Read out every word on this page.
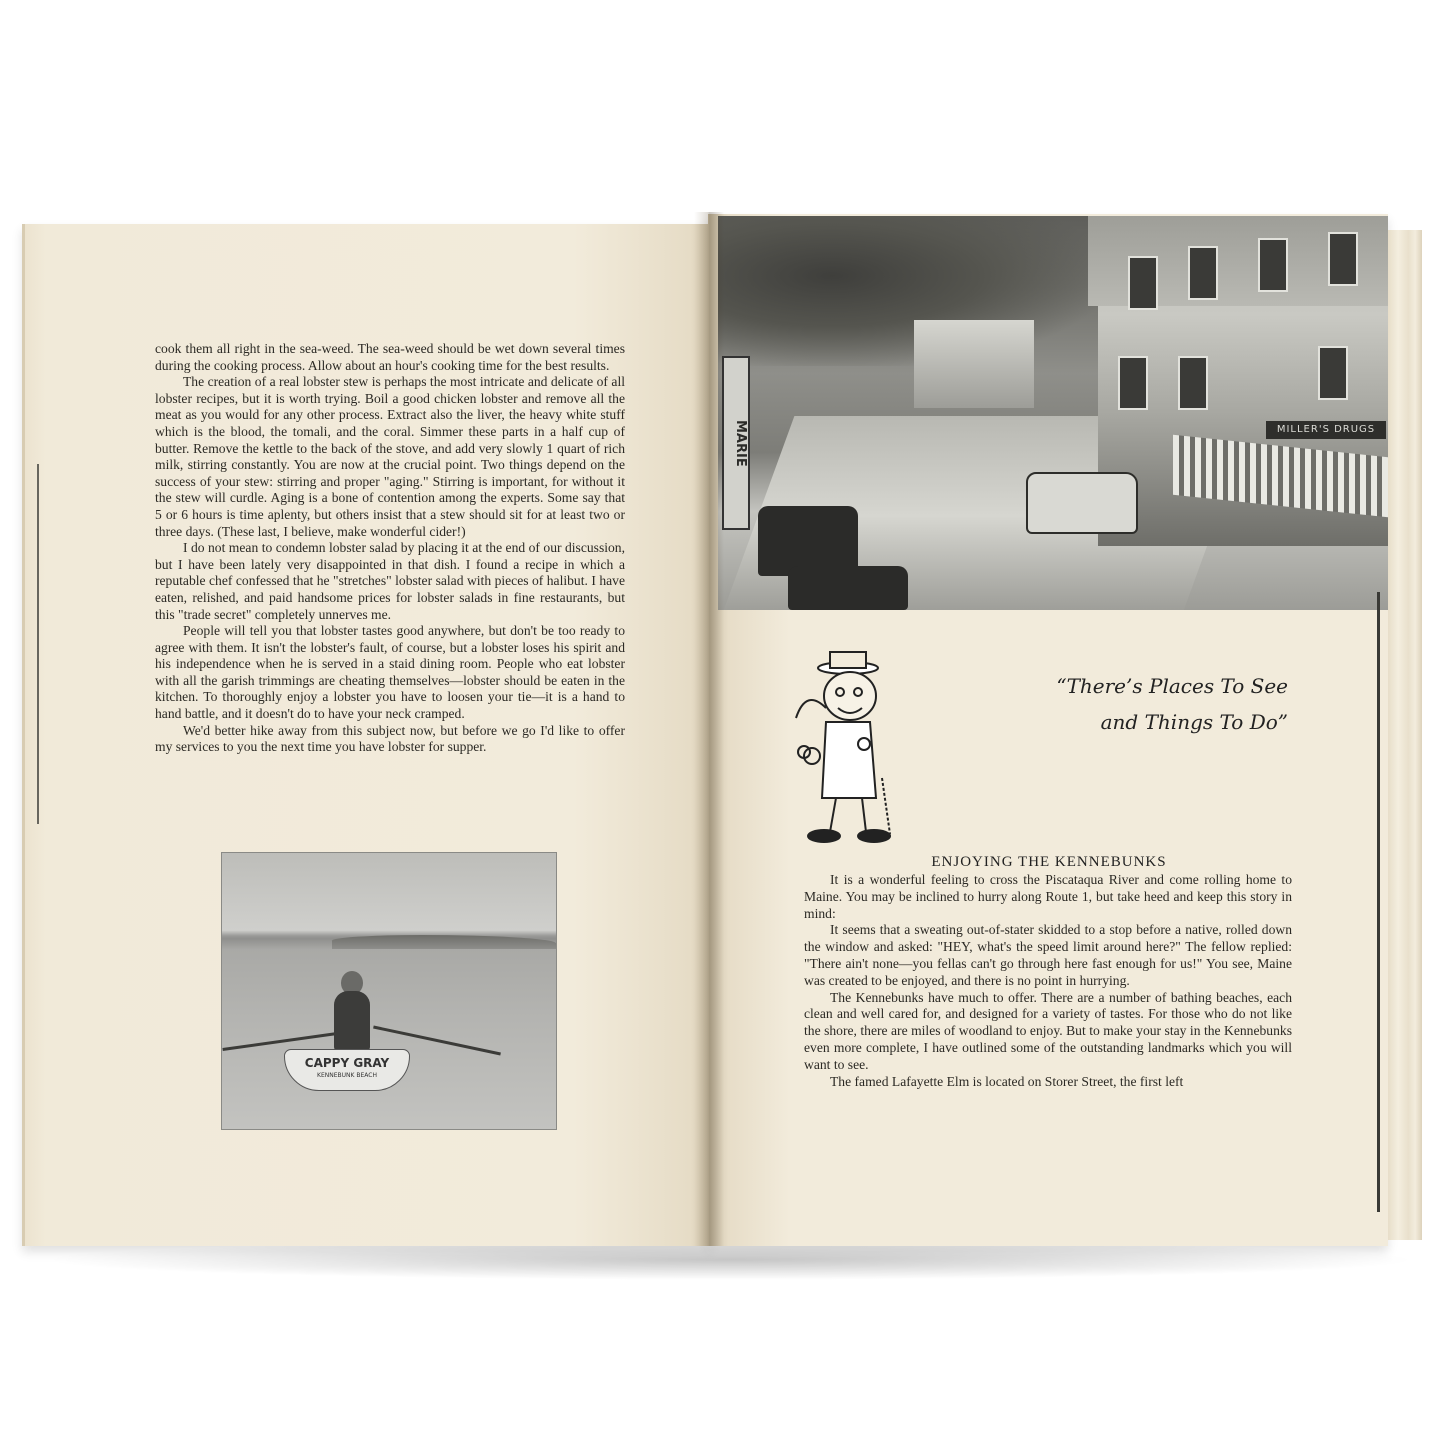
cook them all right in the sea-weed. The sea-weed should be wet down several times during the cooking process. Allow about an hour's cooking time for the best results.

The creation of a real lobster stew is perhaps the most intricate and delicate of all lobster recipes, but it is worth trying. Boil a good chicken lobster and remove all the meat as you would for any other process. Extract also the liver, the heavy white stuff which is the blood, the tomali, and the coral. Simmer these parts in a half cup of butter. Remove the kettle to the back of the stove, and add very slowly 1 quart of rich milk, stirring constantly. You are now at the crucial point. Two things depend on the success of your stew: stirring and proper "aging." Stirring is important, for without it the stew will curdle. Aging is a bone of contention among the experts. Some say that 5 or 6 hours is time aplenty, but others insist that a stew should sit for at least two or three days. (These last, I believe, make wonderful cider!)

I do not mean to condemn lobster salad by placing it at the end of our discussion, but I have been lately very disappointed in that dish. I found a recipe in which a reputable chef confessed that he "stretches" lobster salad with pieces of halibut. I have eaten, relished, and paid handsome prices for lobster salads in fine restaurants, but this "trade secret" completely unnerves me.

People will tell you that lobster tastes good anywhere, but don't be too ready to agree with them. It isn't the lobster's fault, of course, but a lobster loses his spirit and his independence when he is served in a staid dining room. People who eat lobster with all the garish trimmings are cheating themselves—lobster should be eaten in the kitchen. To thoroughly enjoy a lobster you have to loosen your tie—it is a hand to hand battle, and it doesn't do to have your neck cramped.

We'd better hike away from this subject now, but before we go I'd like to offer my services to you the next time you have lobster for supper.

CAPPY GRAY
KENNEBUNK BEACH
MILLER'S DRUGS
MARIE
“There’s Places To See
and Things To Do”
ENJOYING THE KENNEBUNKS

It is a wonderful feeling to cross the Piscataqua River and come rolling home to Maine. You may be inclined to hurry along Route 1, but take heed and keep this story in mind:

It seems that a sweating out-of-stater skidded to a stop before a native, rolled down the window and asked: "HEY, what's the speed limit around here?" The fellow replied: "There ain't none—you fellas can't go through here fast enough for us!" You see, Maine was created to be enjoyed, and there is no point in hurrying.

The Kennebunks have much to offer. There are a number of bathing beaches, each clean and well cared for, and designed for a variety of tastes. For those who do not like the shore, there are miles of woodland to enjoy. But to make your stay in the Kennebunks even more complete, I have outlined some of the outstanding landmarks which you will want to see.

The famed Lafayette Elm is located on Storer Street, the first left
